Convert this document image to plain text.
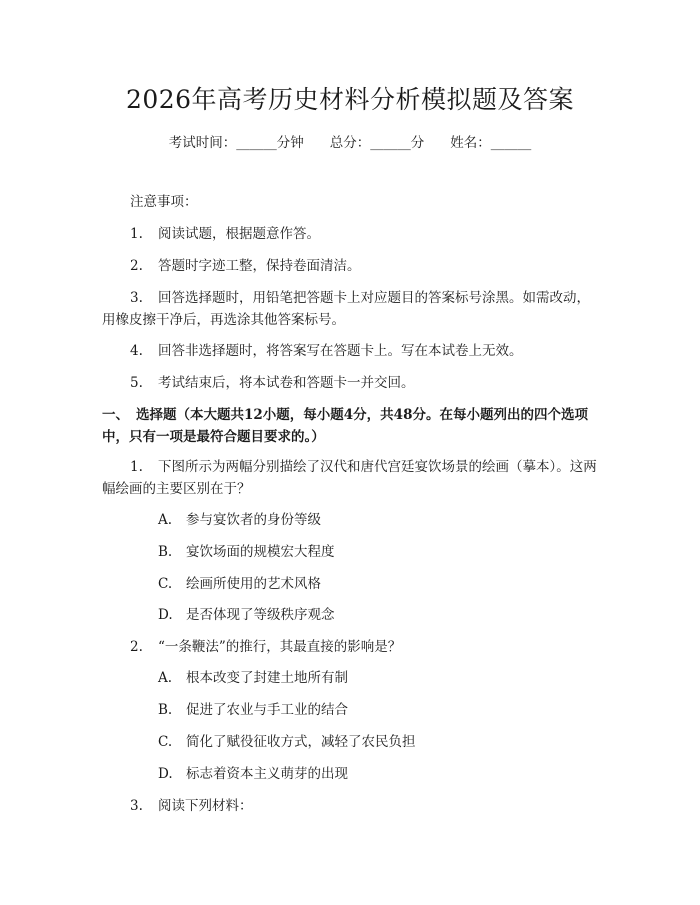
2026年高考历史材料分析模拟题及答案
考试时间：______分钟 总分：______分 姓名：______
注意事项：
1. 阅读试题，根据题意作答。
2. 答题时字迹工整，保持卷面清洁。
3. 回答选择题时，用铅笔把答题卡上对应题目的答案标号涂黑。如需改动，用橡皮擦干净后，再选涂其他答案标号。
4. 回答非选择题时，将答案写在答题卡上。写在本试卷上无效。
5. 考试结束后，将本试卷和答题卡一并交回。
一、 选择题（本大题共12小题，每小题4分，共48分。在每小题列出的四个选项中，只有一项是最符合题目要求的。）
1. 下图所示为两幅分别描绘了汉代和唐代宫廷宴饮场景的绘画（摹本）。这两幅绘画的主要区别在于？
A. 参与宴饮者的身份等级
B. 宴饮场面的规模宏大程度
C. 绘画所使用的艺术风格
D. 是否体现了等级秩序观念
2. “一条鞭法”的推行，其最直接的影响是？
A. 根本改变了封建土地所有制
B. 促进了农业与手工业的结合
C. 简化了赋役征收方式，减轻了农民负担
D. 标志着资本主义萌芽的出现
3. 阅读下列材料：
